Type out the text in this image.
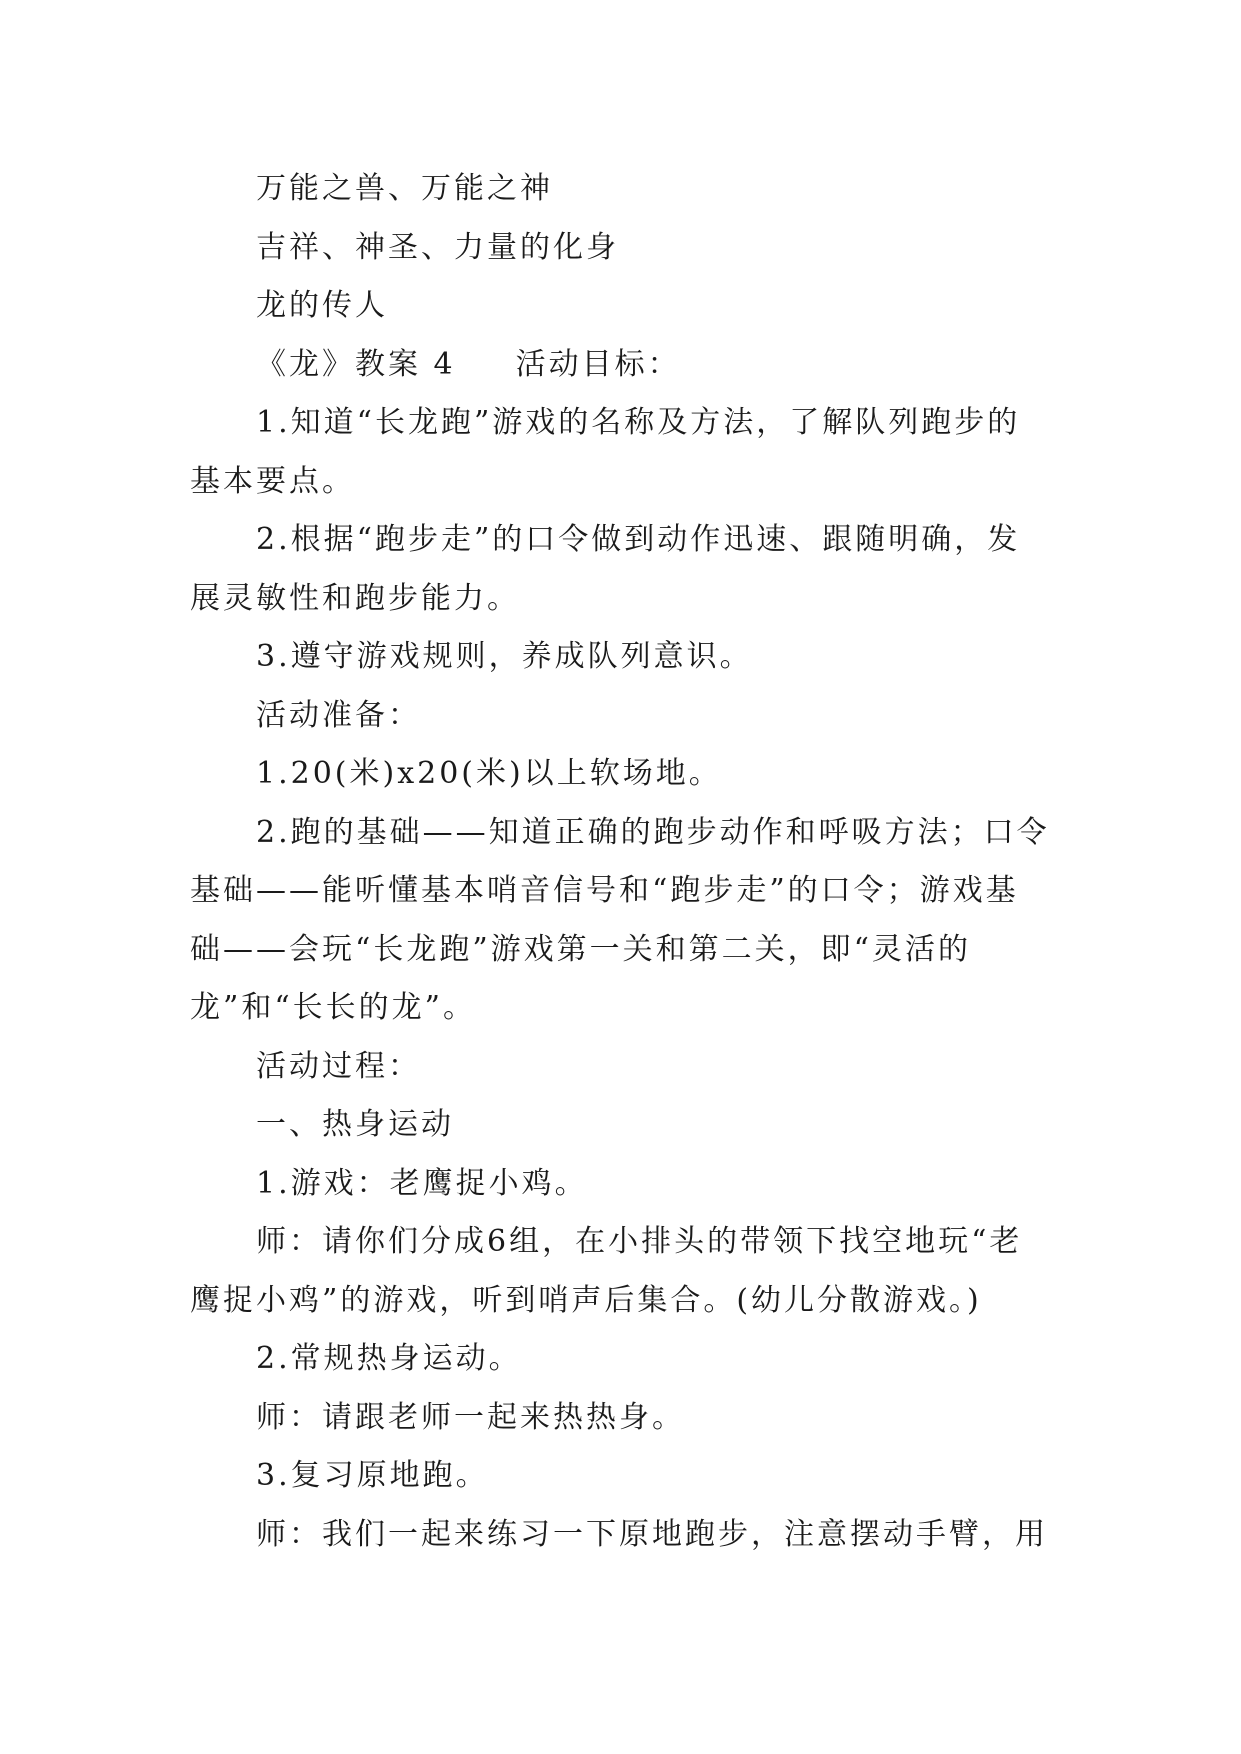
万能之兽、万能之神

吉祥、神圣、力量的化身

龙的传人

《龙》教案 4 活动目标：

1.知道“长龙跑”游戏的名称及方法，了解队列跑步的基本要点。

2.根据“跑步走”的口令做到动作迅速、跟随明确，发展灵敏性和跑步能力。

3.遵守游戏规则，养成队列意识。

活动准备：

1.20(米)x20(米)以上软场地。

2.跑的基础——知道正确的跑步动作和呼吸方法；口令基础——能听懂基本哨音信号和“跑步走”的口令；游戏基础——会玩“长龙跑”游戏第一关和第二关，即“灵活的龙”和“长长的龙”。

活动过程：

一、热身运动

1.游戏：老鹰捉小鸡。

师：请你们分成6组，在小排头的带领下找空地玩“老鹰捉小鸡”的游戏，听到哨声后集合。(幼儿分散游戏。)

2.常规热身运动。

师：请跟老师一起来热热身。

3.复习原地跑。

师：我们一起来练习一下原地跑步，注意摆动手臂，用
